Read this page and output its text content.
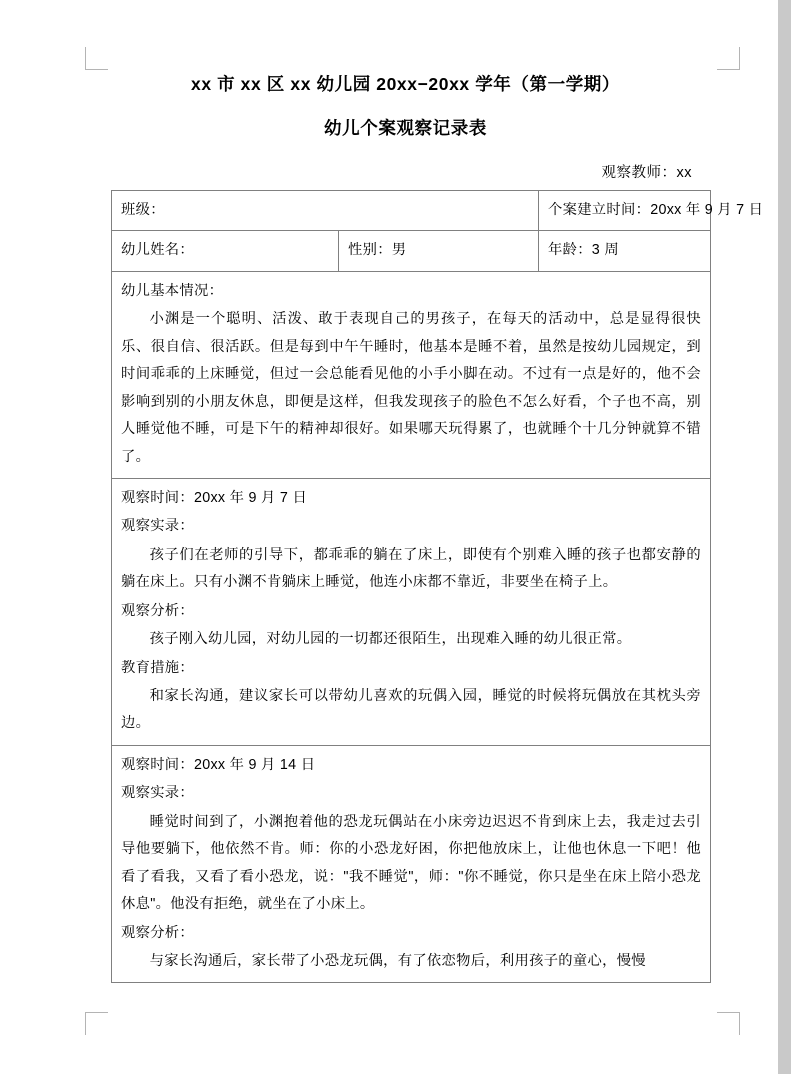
xx 市 xx 区 xx 幼儿园 20xx−20xx 学年（第一学期）
幼儿个案观察记录表
观察教师：xx
班级：		个案建立时间：20xx 年 9 月 7 日
幼儿姓名：	性别：男	年龄：3 周

幼儿基本情况：

小渊是一个聪明、活泼、敢于表现自己的男孩子，在每天的活动中，总是显得很快乐、很自信、很活跃。但是每到中午午睡时，他基本是睡不着，虽然是按幼儿园规定，到时间乖乖的上床睡觉，但过一会总能看见他的小手小脚在动。不过有一点是好的，他不会影响到别的小朋友休息，即便是这样，但我发现孩子的脸色不怎么好看，个子也不高，别人睡觉他不睡，可是下午的精神却很好。如果哪天玩得累了，也就睡个十几分钟就算不错了。		

观察时间：20xx 年 9 月 7 日

观察实录：

孩子们在老师的引导下，都乖乖的躺在了床上，即使有个别难入睡的孩子也都安静的躺在床上。只有小渊不肯躺床上睡觉，他连小床都不靠近，非要坐在椅子上。

观察分析：

孩子刚入幼儿园，对幼儿园的一切都还很陌生，出现难入睡的幼儿很正常。

教育措施：

和家长沟通，建议家长可以带幼儿喜欢的玩偶入园，睡觉的时候将玩偶放在其枕头旁边。

观察时间：20xx 年 9 月 14 日

观察实录：

睡觉时间到了，小渊抱着他的恐龙玩偶站在小床旁边迟迟不肯到床上去，我走过去引导他要躺下，他依然不肯。师：你的小恐龙好困，你把他放床上，让他也休息一下吧！他看了看我，又看了看小恐龙，说："我不睡觉"，师："你不睡觉，你只是坐在床上陪小恐龙休息"。他没有拒绝，就坐在了小床上。

观察分析：

与家长沟通后，家长带了小恐龙玩偶，有了依恋物后，利用孩子的童心，慢慢		
